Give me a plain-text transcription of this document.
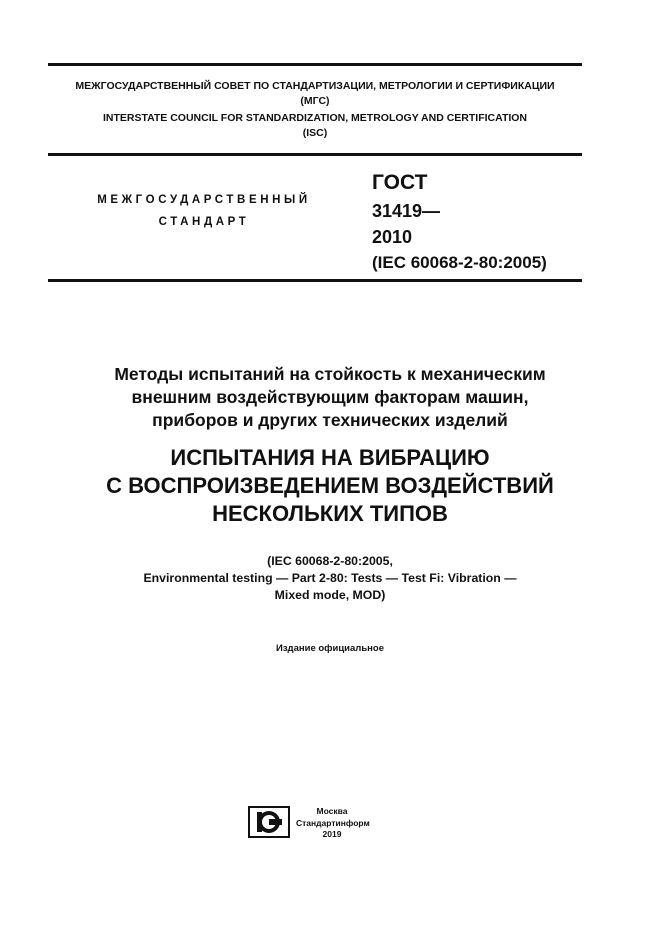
МЕЖГОСУДАРСТВЕННЫЙ СОВЕТ ПО СТАНДАРТИЗАЦИИ, МЕТРОЛОГИИ И СЕРТИФИКАЦИИ
(МГС)
INTERSTATE COUNCIL FOR STANDARDIZATION, METROLOGY AND CERTIFICATION
(ISC)
МЕЖГОСУДАРСТВЕННЫЙ
СТАНДАРТ
ГОСТ
31419—
2010
(IEC 60068-2-80:2005)
Методы испытаний на стойкость к механическим
внешним воздействующим факторам машин,
приборов и других технических изделий
ИСПЫТАНИЯ НА ВИБРАЦИЮ
С ВОСПРОИЗВЕДЕНИЕМ ВОЗДЕЙСТВИЙ
НЕСКОЛЬКИХ ТИПОВ
(IEC 60068-2-80:2005,
Environmental testing — Part 2-80: Tests — Test Fi: Vibration —
Mixed mode, MOD)
Издание официальное
Москва
Стандартинформ
2019
